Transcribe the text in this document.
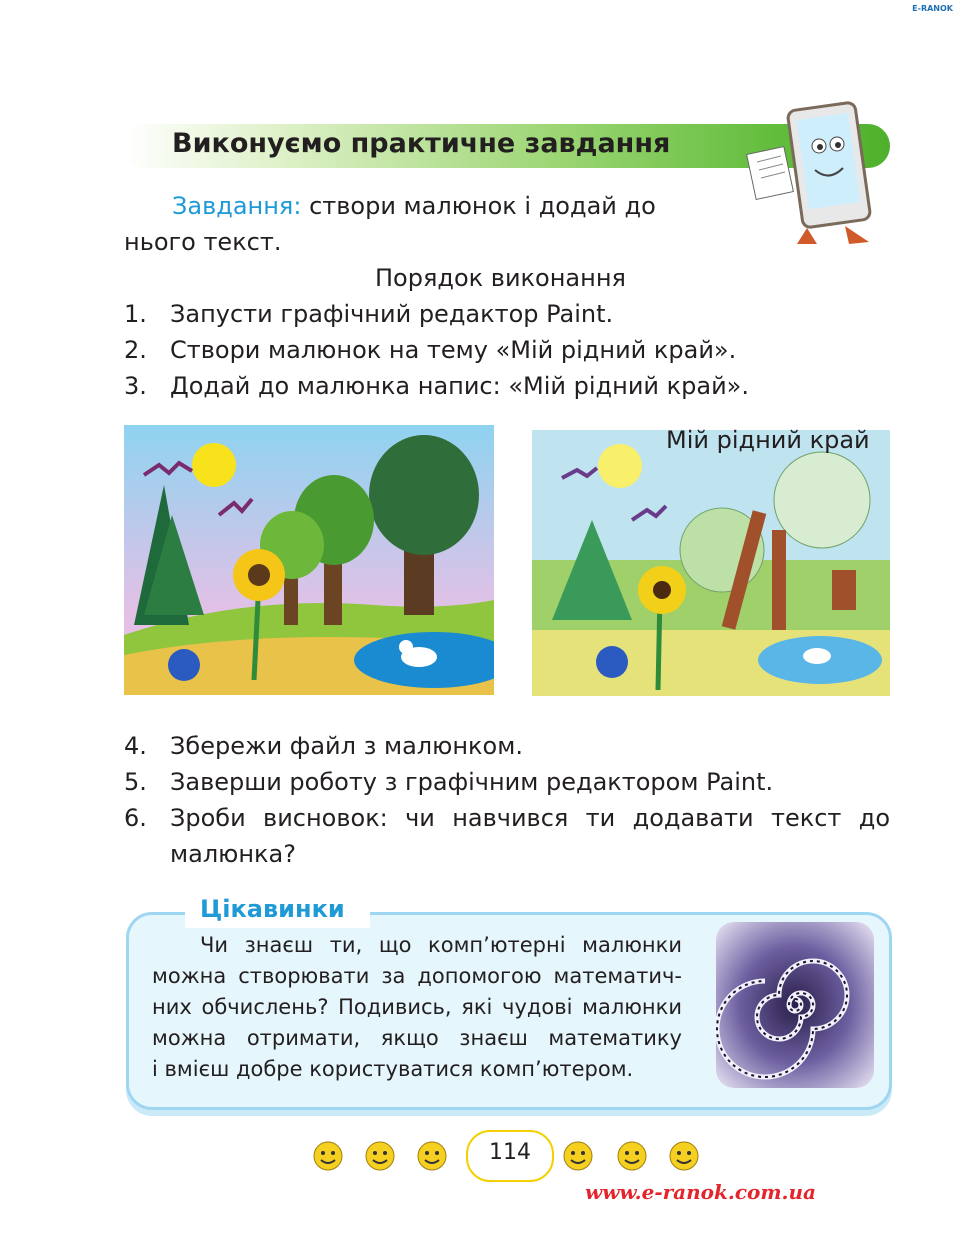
E-RANOK
Виконуємо практичне завдання
Завдання: створи малюнок і додай до
нього текст.
Порядок виконання
1. Запусти графічний редактор Paint.
2. Створи малюнок на тему «Мій рідний край».
3. Додай до малюнка напис: «Мій рідний край».
Мій рідний край
4. Збережи файл з малюнком.
5. Заверши роботу з графічним редактором Paint.
6. Зроби висновок: чи навчився ти додавати текст до
малюнка?
Цікавинки
Чи знаєш ти, що комп’ютерні малюнки
можна створювати за допомогою математич-
них обчислень? Подивись, які чудові малюнки
можна отримати, якщо знаєш математику
і вмієш добре користуватися комп’ютером.
114
www.e-ranok.com.ua
